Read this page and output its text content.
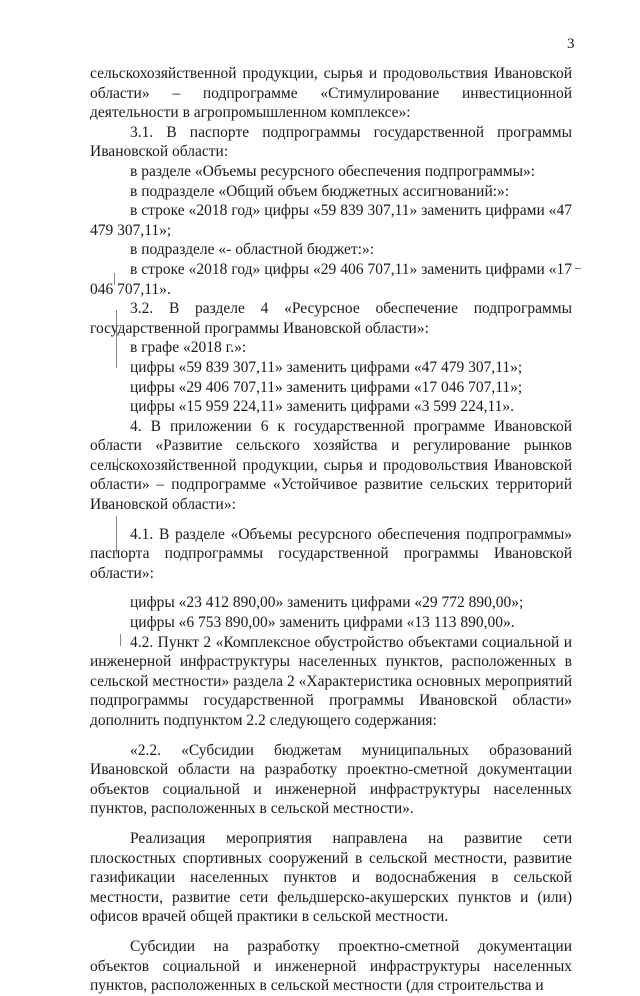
3

сельскохозяйственной продукции, сырья и продовольствия Ивановской области» – подпрограмме «Стимулирование инвестиционной деятельности в агропромышленном комплексе»:

3.1. В паспорте подпрограммы государственной программы Ивановской области:

в разделе «Объемы ресурсного обеспечения подпрограммы»:

в подразделе «Общий объем бюджетных ассигнований:»:

в строке «2018 год» цифры «59 839 307,11» заменить цифрами «47 479 307,11»;

в подразделе «- областной бюджет:»:

в строке «2018 год» цифры «29 406 707,11» заменить цифрами «17 046 707,11».

3.2. В разделе 4 «Ресурсное обеспечение подпрограммы государственной программы Ивановской области»:

в графе «2018 г.»:

цифры «59 839 307,11» заменить цифрами «47 479 307,11»;

цифры «29 406 707,11» заменить цифрами «17 046 707,11»;

цифры «15 959 224,11» заменить цифрами «3 599 224,11».

4. В приложении 6 к государственной программе Ивановской области «Развитие сельского хозяйства и регулирование рынков сельскохозяйственной продукции, сырья и продовольствия Ивановской области» – подпрограмме «Устойчивое развитие сельских территорий Ивановской области»:

4.1. В разделе «Объемы ресурсного обеспечения подпрограммы» паспорта подпрограммы государственной программы Ивановской области»:

цифры «23 412 890,00» заменить цифрами «29 772 890,00»;

цифры «6 753 890,00» заменить цифрами «13 113 890,00».

4.2. Пункт 2 «Комплексное обустройство объектами социальной и инженерной инфраструктуры населенных пунктов, расположенных в сельской местности» раздела 2 «Характеристика основных мероприятий подпрограммы государственной программы Ивановской области» дополнить подпунктом 2.2 следующего содержания:

«2.2. «Субсидии бюджетам муниципальных образований Ивановской области на разработку проектно-сметной документации объектов социальной и инженерной инфраструктуры населенных пунктов, расположенных в сельской местности».

Реализация мероприятия направлена на развитие сети плоскостных спортивных сооружений в сельской местности, развитие газификации населенных пунктов и водоснабжения в сельской местности, развитие сети фельдшерско-акушерских пунктов и (или) офисов врачей общей практики в сельской местности.

Субсидии на разработку проектно-сметной документации объектов социальной и инженерной инфраструктуры населенных пунктов, расположенных в сельской местности (для строительства и
